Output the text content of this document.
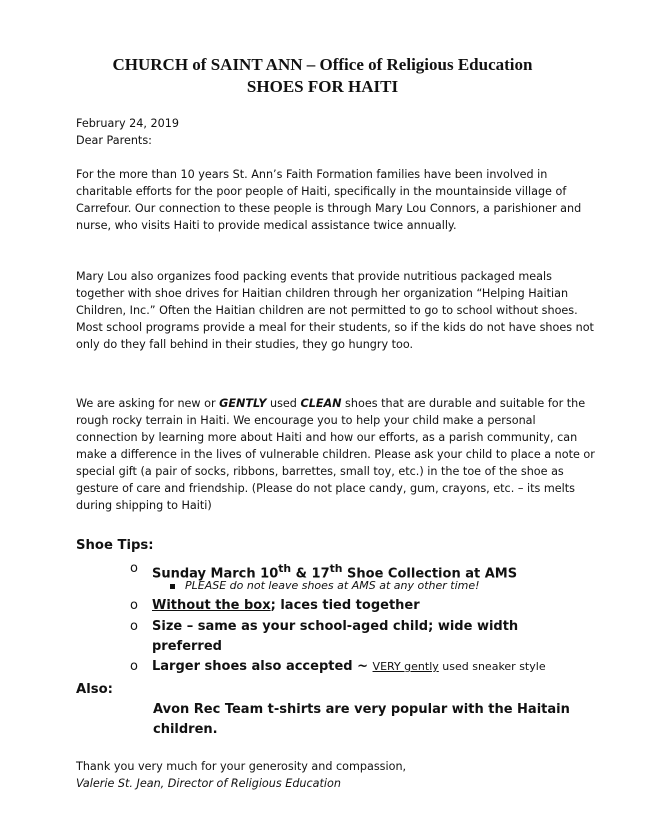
CHURCH of SAINT ANN – Office of Religious Education
SHOES FOR HAITI
February 24, 2019
Dear Parents:
For the more than 10 years St. Ann’s Faith Formation families have been involved in charitable efforts for the poor people of Haiti, specifically in the mountainside village of Carrefour. Our connection to these people is through Mary Lou Connors, a parishioner and nurse, who visits Haiti to provide medical assistance twice annually.
Mary Lou also organizes food packing events that provide nutritious packaged meals together with shoe drives for Haitian children through her organization “Helping Haitian Children, Inc.” Often the Haitian children are not permitted to go to school without shoes. Most school programs provide a meal for their students, so if the kids do not have shoes not only do they fall behind in their studies, they go hungry too.
We are asking for new or GENTLY used CLEAN shoes that are durable and suitable for the rough rocky terrain in Haiti. We encourage you to help your child make a personal connection by learning more about Haiti and how our efforts, as a parish community, can make a difference in the lives of vulnerable children. Please ask your child to place a note or special gift (a pair of socks, ribbons, barrettes, small toy, etc.) in the toe of the shoe as gesture of care and friendship. (Please do not place candy, gum, crayons, etc. – its melts during shipping to Haiti)
Shoe Tips:
o Sunday March 10th & 17th Shoe Collection at AMS
PLEASE do not leave shoes at AMS at any other time!
o Without the box; laces tied together
o Size – same as your school-aged child; wide width preferred
o Larger shoes also accepted ~ VERY gently used sneaker style
Also:
Avon Rec Team t-shirts are very popular with the Haitain children.
Thank you very much for your generosity and compassion,
Valerie St. Jean, Director of Religious Education
